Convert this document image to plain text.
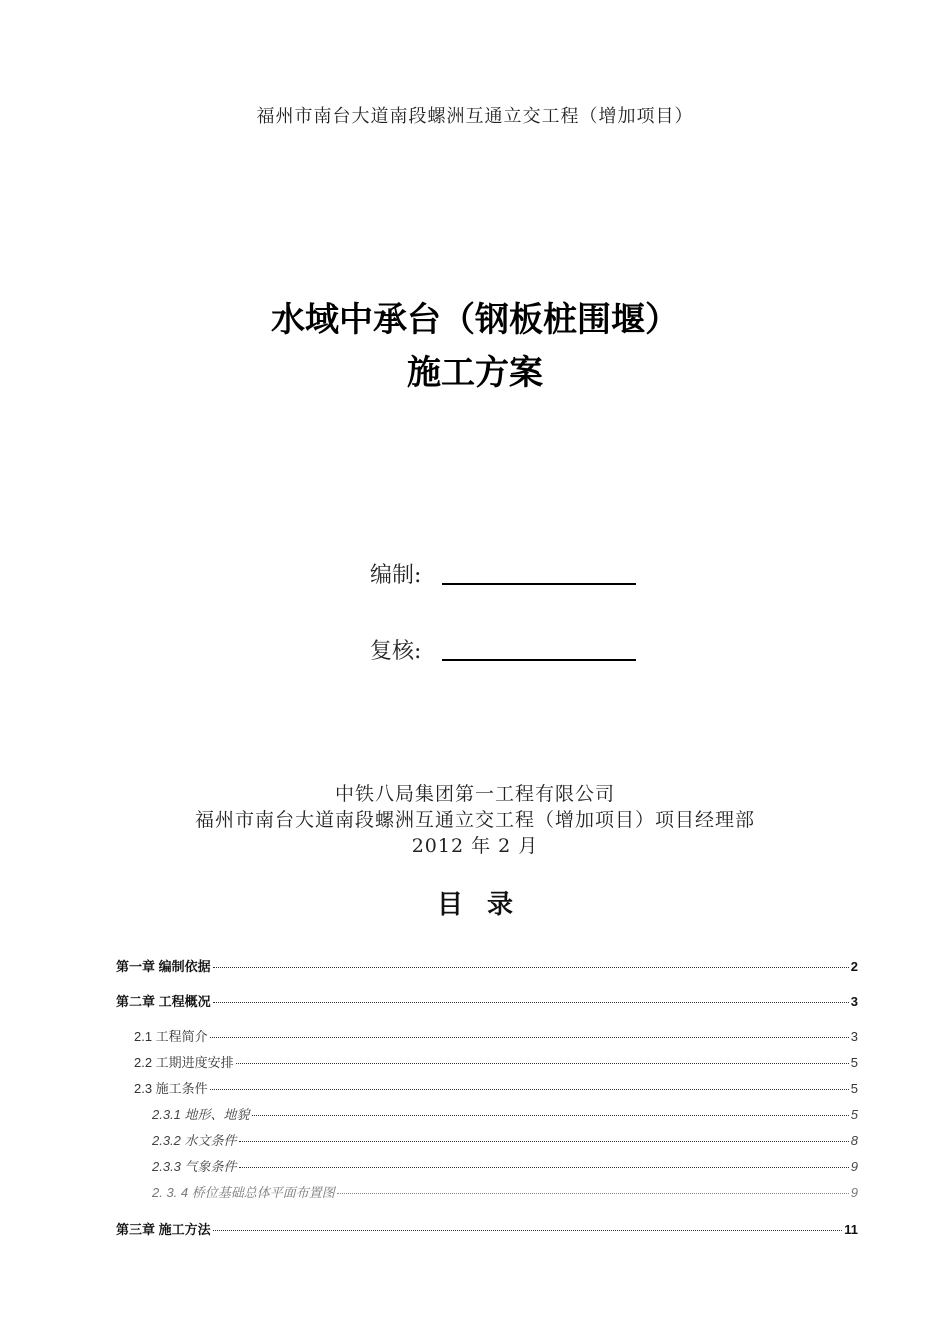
福州市南台大道南段螺洲互通立交工程（增加项目）
水域中承台（钢板桩围堰）
施工方案
编制:
复核:
中铁八局集团第一工程有限公司
福州市南台大道南段螺洲互通立交工程（增加项目）项目经理部
2012 年 2 月
目录
第一章 编制依据	2
第二章 工程概况	3
2.1 工程简介	3
2.2 工期进度安排	5
2.3 施工条件	5
2.3.1 地形、地貌	5
2.3.2 水文条件	8
2.3.3 气象条件	9
2. 3. 4 桥位基础总体平面布置图	9
第三章 施工方法	11
